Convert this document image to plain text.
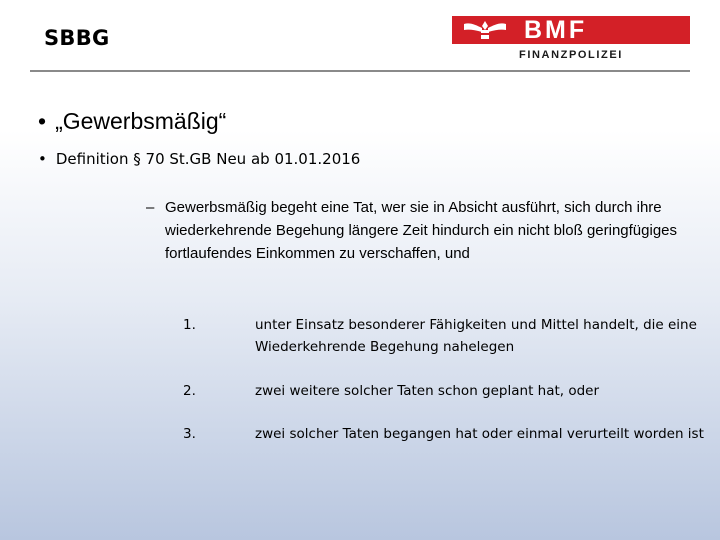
SBBG	BMF
FINANZPOLIZEI
• „Gewerbsmäßig“
• Definition § 70 St.GB Neu ab 01.01.2016
– Gewerbsmäßig begeht eine Tat, wer sie in Absicht ausführt, sich durch ihre wiederkehrende Begehung längere Zeit hindurch ein nicht bloß geringfügiges fortlaufendes Einkommen zu verschaffen, und
1.	unter Einsatz besonderer Fähigkeiten und Mittel handelt, die eine Wiederkehrende Begehung nahelegen
2.	zwei weitere solcher Taten schon geplant hat, oder
3.	zwei solcher Taten begangen hat oder einmal verurteilt worden ist
